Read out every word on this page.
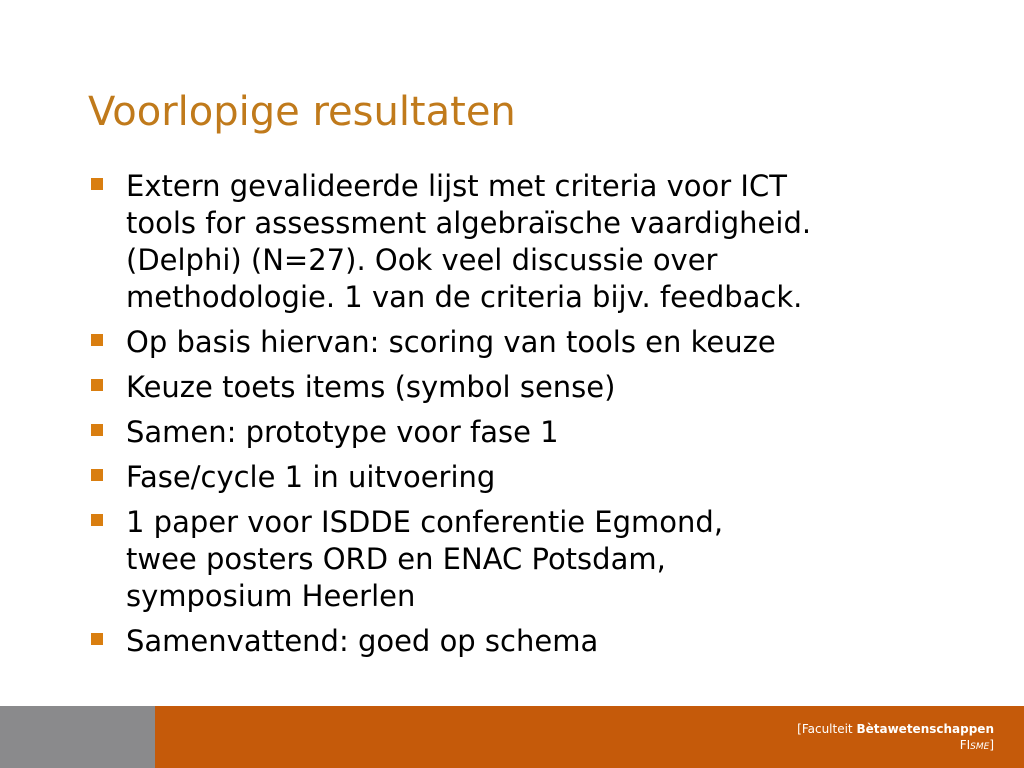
Voorlopige resultaten
Extern gevalideerde lijst met criteria voor ICT
tools for assessment algebraïsche vaardigheid.
(Delphi) (N=27). Ook veel discussie over
methodologie. 1 van de criteria bijv. feedback.
Op basis hiervan: scoring van tools en keuze
Keuze toets items (symbol sense)
Samen: prototype voor fase 1
Fase/cycle 1 in uitvoering
1 paper voor ISDDE conferentie Egmond,
twee posters ORD en ENAC Potsdam,
symposium Heerlen
Samenvattend: goed op schema
[Faculteit Bètawetenschappen
FISME]
